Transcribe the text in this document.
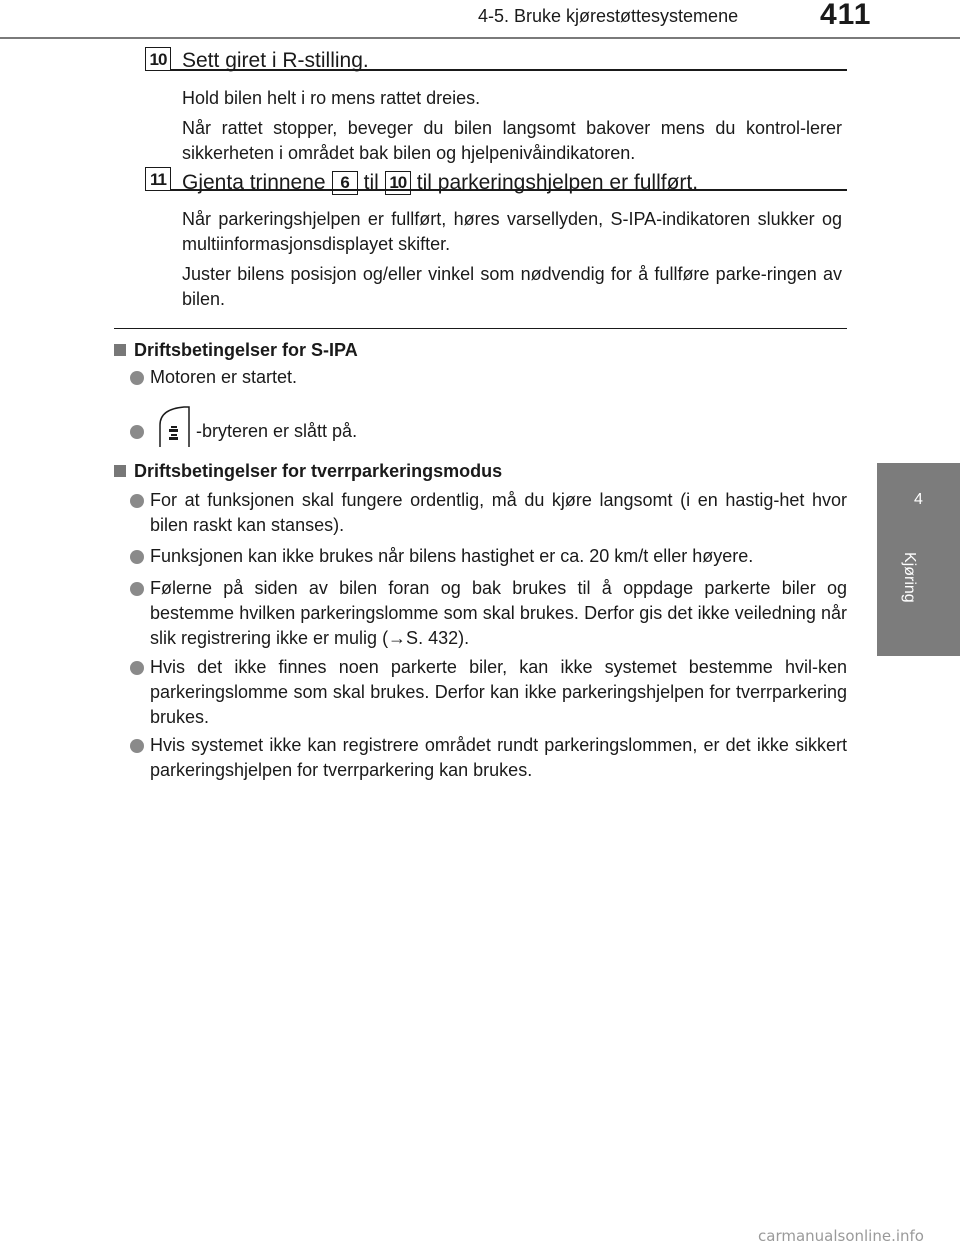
4-5. Bruke kjørestøttesystemene	411
4
Kjøring
10 Sett giret i R-stilling.
Hold bilen helt i ro mens rattet dreies.
Når rattet stopper, beveger du bilen langsomt bakover mens du kontrol-lerer sikkerheten i området bak bilen og hjelpenivåindikatoren.
11 Gjenta trinnene 6 til 10 til parkeringshjelpen er fullført.
Når parkeringshjelpen er fullført, høres varsellyden, S-IPA-indikatoren slukker og multiinformasjonsdisplayet skifter.
Juster bilens posisjon og/eller vinkel som nødvendig for å fullføre parke-ringen av bilen.
Driftsbetingelser for S-IPA
Motoren er startet.
-bryteren er slått på.
Driftsbetingelser for tverrparkeringsmodus
For at funksjonen skal fungere ordentlig, må du kjøre langsomt (i en hastig-het hvor bilen raskt kan stanses).
Funksjonen kan ikke brukes når bilens hastighet er ca. 20 km/t eller høyere.
Følerne på siden av bilen foran og bak brukes til å oppdage parkerte biler og bestemme hvilken parkeringslomme som skal brukes. Derfor gis det ikke veiledning når slik registrering ikke er mulig (→S. 432).
Hvis det ikke finnes noen parkerte biler, kan ikke systemet bestemme hvil-ken parkeringslomme som skal brukes. Derfor kan ikke parkeringshjelpen for tverrparkering brukes.
Hvis systemet ikke kan registrere området rundt parkeringslommen, er det ikke sikkert parkeringshjelpen for tverrparkering kan brukes.
carmanualsonline.info
